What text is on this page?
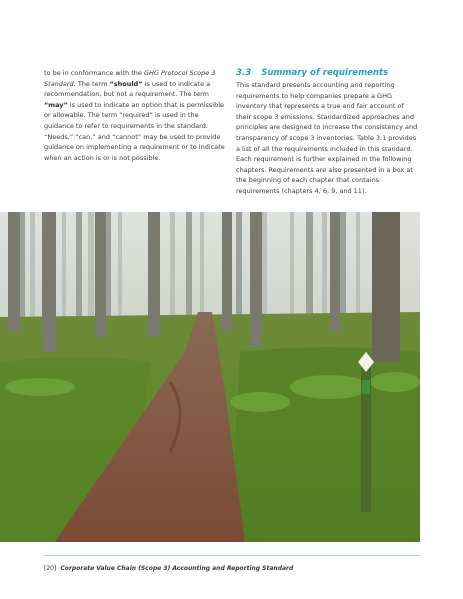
to be in conformance with the GHG Protocol Scope 3 Standard. The term “should” is used to indicate a recommendation, but not a requirement. The term “may” is used to indicate an option that is permissible or allowable. The term “required” is used in the guidance to refer to requirements in the standard. “Needs,” “can,” and “cannot” may be used to provide guidance on implementing a requirement or to indicate when an action is or is not possible.

3.3 Summary of requirements

This standard presents accounting and reporting requirements to help companies prepare a GHG inventory that represents a true and fair account of their scope 3 emissions. Standardized approaches and principles are designed to increase the consistency and transparency of scope 3 inventories. Table 3.1 provides a list of all the requirements included in this standard. Each requirement is further explained in the following chapters. Requirements are also presented in a box at the beginning of each chapter that contains requirements (chapters 4, 6, 9, and 11).

[20] Corporate Value Chain (Scope 3) Accounting and Reporting Standard
